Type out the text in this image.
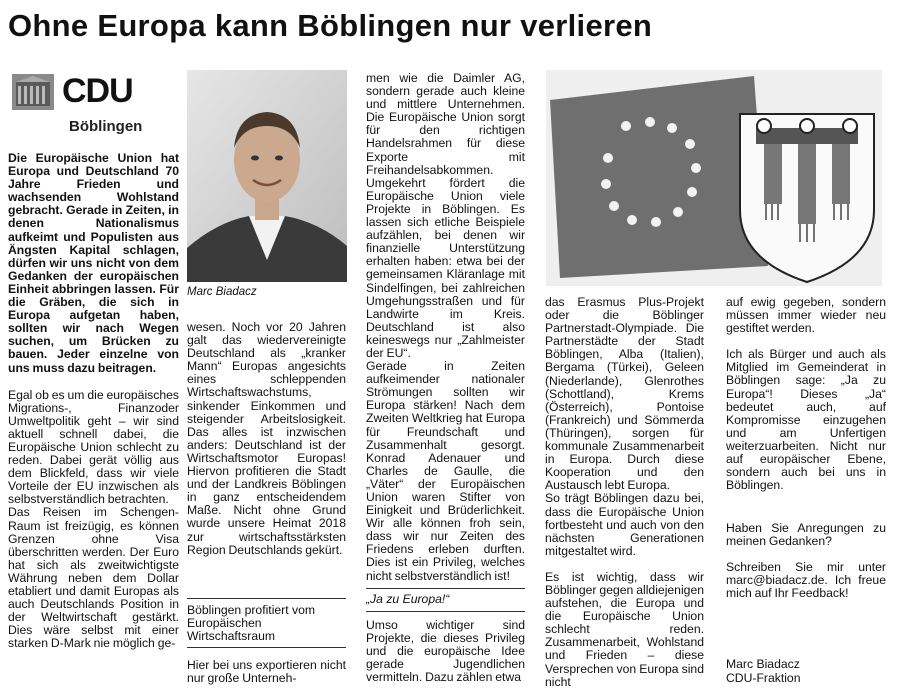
Ohne Europa kann Böblingen nur verlieren
CDU
Böblingen

Die Europäische Union hat Europa und Deutschland 70 Jahre Frieden und wachsenden Wohlstand gebracht. Gerade in Zeiten, in denen Nationalismus aufkeimt und Populisten aus Ängsten Kapital schlagen, dürfen wir uns nicht von dem Gedanken der europäischen Einheit abbringen lassen. Für die Gräben, die sich in Europa aufgetan haben, sollten wir nach Wegen suchen, um Brücken zu bauen. Jeder einzelne von uns muss dazu beitragen.

Egal ob es um die europäisches Migrations-, Finanzoder Umweltpolitik geht – wir sind aktuell schnell dabei, die Europäische Union schlecht zu reden. Dabei gerät völlig aus dem Blickfeld, dass wir viele Vorteile der EU inzwischen als selbstverständlich betrachten.

Das Reisen im Schengen-Raum ist freizügig, es können Grenzen ohne Visa überschritten werden. Der Euro hat sich als zweitwichtigste Währung neben dem Dollar etabliert und damit Europas als auch Deutschlands Position in der Weltwirtschaft gestärkt. Dies wäre selbst mit einer starken D-Mark nie möglich ge-

Marc Biadacz

wesen. Noch vor 20 Jahren galt das wiedervereinigte Deutschland als „kranker Mann“ Europas angesichts eines schleppenden Wirtschaftswachstums, sinkender Einkommen und steigender Arbeitslosigkeit. Das alles ist inzwischen anders: Deutschland ist der Wirtschaftsmotor Europas! Hiervon profitieren die Stadt und der Landkreis Böblingen in ganz entscheidendem Maße. Nicht ohne Grund wurde unsere Heimat 2018 zur wirtschaftsstärksten Region Deutschlands gekürt.

Böblingen profitiert vom Europäischen Wirtschaftsraum
Hier bei uns exportieren nicht nur große Unterneh-

men wie die Daimler AG, sondern gerade auch kleine und mittlere Unternehmen. Die Europäische Union sorgt für den richtigen Handelsrahmen für diese Exporte mit Freihandelsabkommen. Umgekehrt fördert die Europäische Union viele Projekte in Böblingen. Es lassen sich etliche Beispiele aufzählen, bei denen wir finanzielle Unterstützung erhalten haben: etwa bei der gemeinsamen Kläranlage mit Sindelfingen, bei zahlreichen Umgehungsstraßen und für Landwirte im Kreis. Deutschland ist also keineswegs nur „Zahlmeister der EU“.

Gerade in Zeiten aufkeimender nationaler Strömungen sollten wir Europa stärken! Nach dem Zweiten Weltkrieg hat Europa für Freundschaft und Zusammenhalt gesorgt. Konrad Adenauer und Charles de Gaulle, die „Väter“ der Europäischen Union waren Stifter von Einigkeit und Brüderlichkeit. Wir alle können froh sein, dass wir nur Zeiten des Friedens erleben durften. Dies ist ein Privileg, welches nicht selbstverständlich ist!

„Ja zu Europa!“
Umso wichtiger sind Projekte, die dieses Privileg und die europäische Idee gerade Jugendlichen vermitteln. Dazu zählen etwa

das Erasmus Plus-Projekt oder die Böblinger Partnerstadt-Olympiade. Die Partnerstädte der Stadt Böblingen, Alba (Italien), Bergama (Türkei), Geleen (Niederlande), Glenrothes (Schottland), Krems (Österreich), Pontoise (Frankreich) und Sömmerda (Thüringen), sorgen für kommunale Zusammenarbeit in Europa. Durch diese Kooperation und den Austausch lebt Europa.

So trägt Böblingen dazu bei, dass die Europäische Union fortbesteht und auch von den nächsten Generationen mitgestaltet wird.

Es ist wichtig, dass wir Böblinger gegen alldiejenigen aufstehen, die Europa und die Europäische Union schlecht reden. Zusammenarbeit, Wohlstand und Frieden – diese Versprechen von Europa sind nicht

auf ewig gegeben, sondern müssen immer wieder neu gestiftet werden.

Ich als Bürger und auch als Mitglied im Gemeinderat in Böblingen sage: „Ja zu Europa“! Dieses „Ja“ bedeutet auch, auf Kompromisse einzugehen und am Unfertigen weiterzuarbeiten. Nicht nur auf europäischer Ebene, sondern auch bei uns in Böblingen.

Haben Sie Anregungen zu meinen Gedanken?

Schreiben Sie mir unter marc@biadacz.de. Ich freue mich auf Ihr Feedback!

Marc Biadacz
CDU-Fraktion
